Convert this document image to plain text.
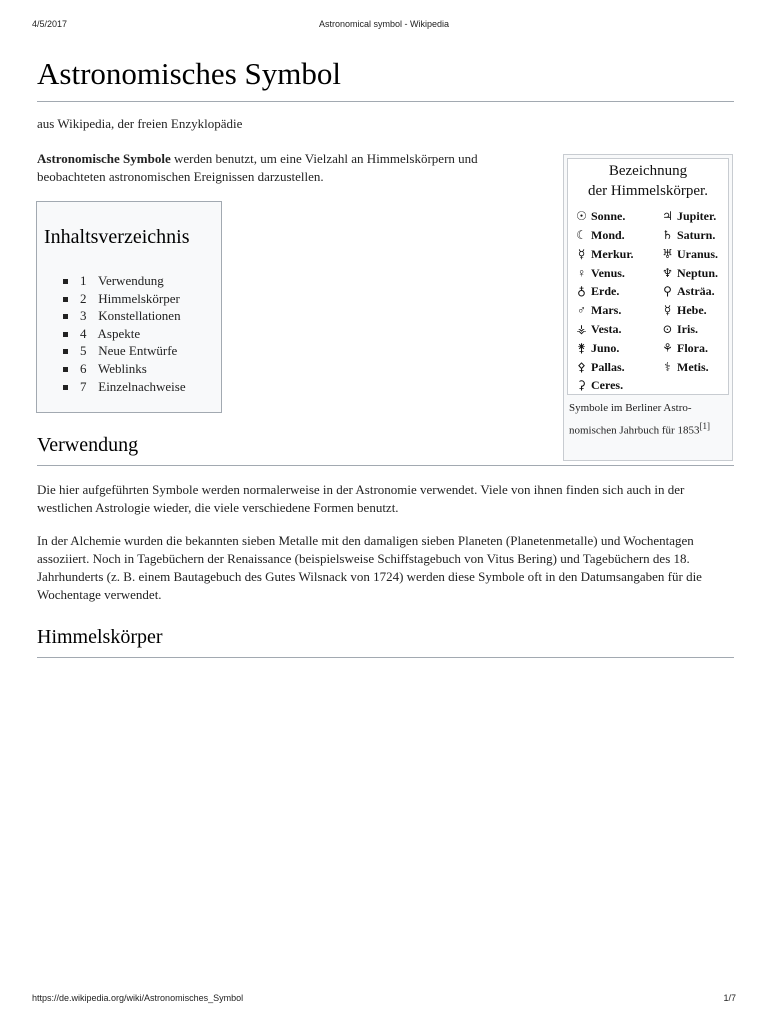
4/5/2017	Astronomical symbol - Wikipedia
Astronomisches Symbol
aus Wikipedia, der freien Enzyklopädie

Astronomische Symbole werden benutzt, um eine Vielzahl an Himmelskörpern und beobachteten astronomischen Ereignissen darzustellen.

Inhaltsverzeichnis
1 Verwendung
2 Himmelskörper
3 Konstellationen
4 Aspekte
5 Neue Entwürfe
6 Weblinks
7 Einzelnachweise
Bezeichnung
der Himmelskörper.
☉ Sonne.
☾ Mond.
☿ Merkur.
♀ Venus.
♁ Erde.
♂ Mars.
⚶ Vesta.
⚵ Juno.
⚴ Pallas.
⚳ Ceres.
♃ Jupiter.
♄ Saturn.
♅ Uranus.
♆ Neptun.
⚲ Asträa.
☿ Hebe.
⊙ Iris.
⚘ Flora.
⚕ Metis.
Symbole im Berliner Astro-nomischen Jahrbuch für 1853[1]
Verwendung

Die hier aufgeführten Symbole werden normalerweise in der Astronomie verwendet. Viele von ihnen finden sich auch in der westlichen Astrologie wieder, die viele verschiedene Formen benutzt.

In der Alchemie wurden die bekannten sieben Metalle mit den damaligen sieben Planeten (Planetenmetalle) und Wochentagen assoziiert. Noch in Tagebüchern der Renaissance (beispielsweise Schiffstagebuch von Vitus Bering) und Tagebüchern des 18. Jahrhunderts (z. B. einem Bautagebuch des Gutes Wilsnack von 1724) werden diese Symbole oft in den Datumsangaben für die Wochentage verwendet.

Himmelskörper
https://de.wikipedia.org/wiki/Astronomisches_Symbol	1/7
